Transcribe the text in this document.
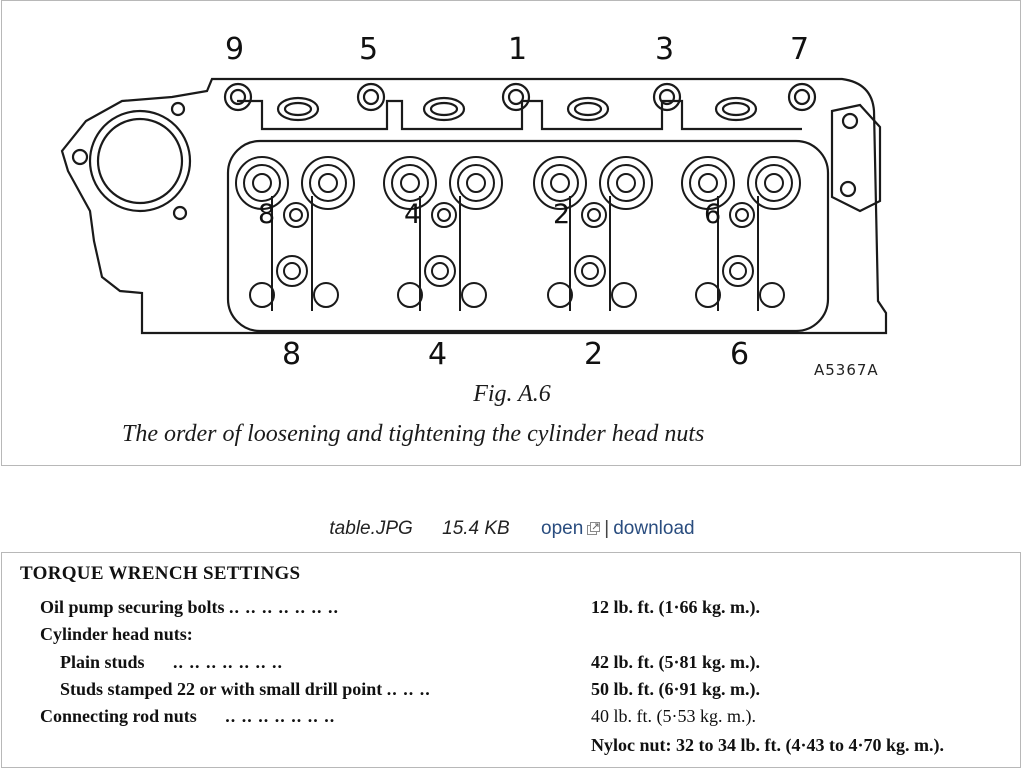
9	5	1	3	7
8	4	2	6
8	4	2	6	A5367A
Fig. A.6
The order of loosening and tightening the cylinder head nuts
table.JPG 15.4 KB open | download
TORQUE WRENCH SETTINGS
Oil pump securing bolts .. .. .. .. .. .. ..	12 lb. ft. (1·66 kg. m.).
Cylinder head nuts:
Plain studs .. .. .. .. .. .. ..	42 lb. ft. (5·81 kg. m.).
Studs stamped 22 or with small drill point .. .. ..	50 lb. ft. (6·91 kg. m.).
Connecting rod nuts .. .. .. .. .. .. ..	40 lb. ft. (5·53 kg. m.).
Nyloc nut: 32 to 34 lb. ft. (4·43 to 4·70 kg. m.).
